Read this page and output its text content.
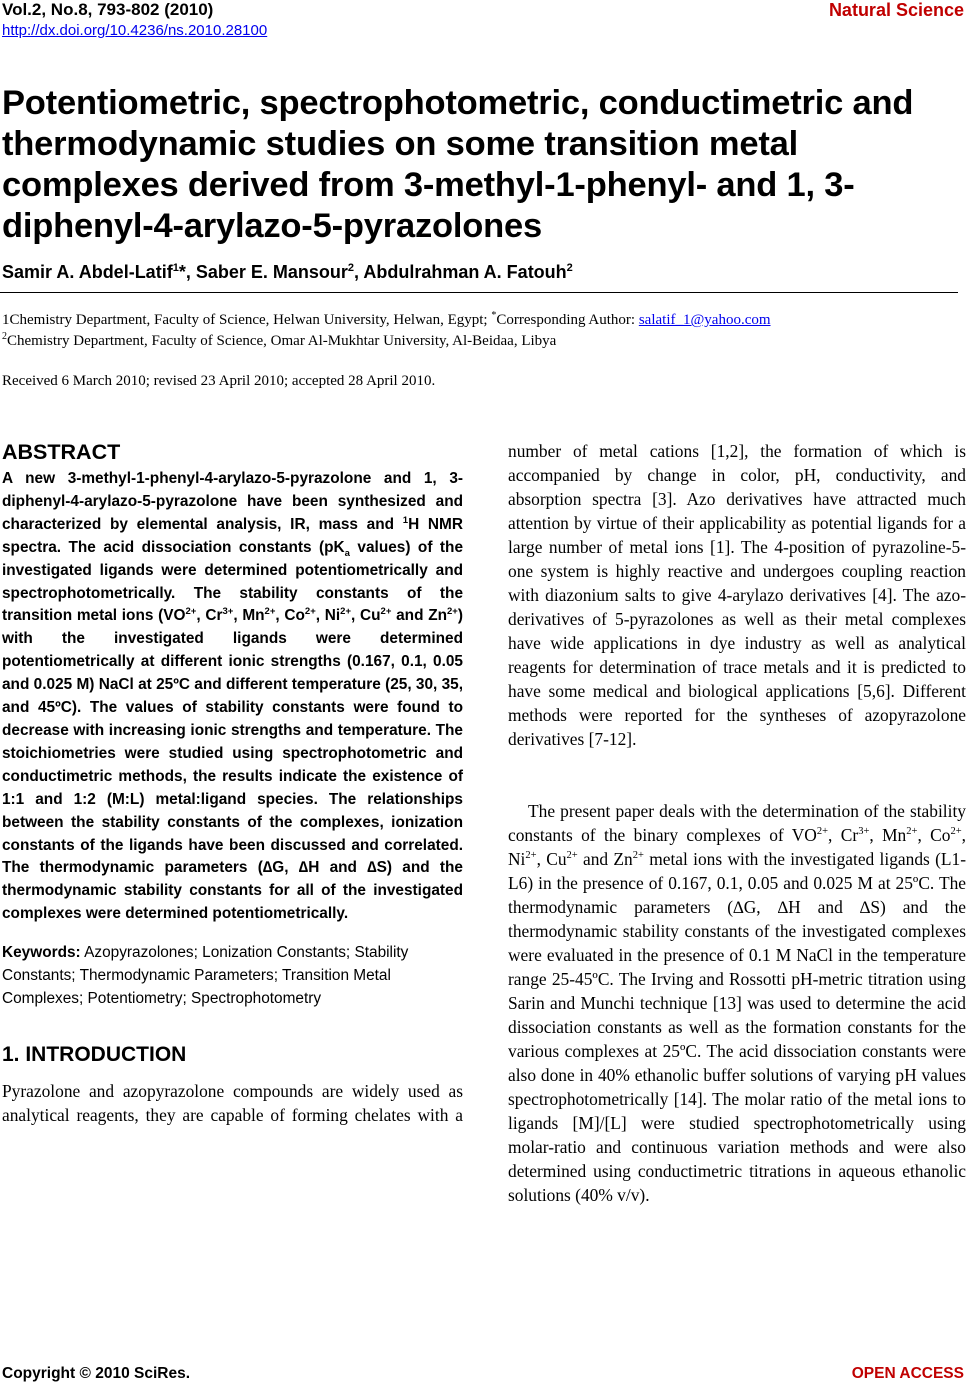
Vol.2, No.8, 793-802 (2010)
http://dx.doi.org/10.4236/ns.2010.28100
Natural Science
Potentiometric, spectrophotometric, conductimetric and thermodynamic studies on some transition metal complexes derived from 3-methyl-1-phenyl- and 1, 3-diphenyl-4-arylazo-5-pyrazolones
Samir A. Abdel-Latif$^1$*, Saber E. Mansour$^2$, Abdulrahman A. Fatouh$^2$
1Chemistry Department, Faculty of Science, Helwan University, Helwan, Egypt; *Corresponding Author: salatif_1@yahoo.com
$^2$Chemistry Department, Faculty of Science, Omar Al-Mukhtar University, Al-Beidaa, Libya
Received 6 March 2010; revised 23 April 2010; accepted 28 April 2010.
ABSTRACT

A new 3-methyl-1-phenyl-4-arylazo-5-pyrazolone and 1, 3-diphenyl-4-arylazo-5-pyrazolone have been synthesized and characterized by elemental analysis, IR, mass and $^1$H NMR spectra. The acid dissociation constants ($pK_a$ values) of the investigated ligands were determined potentiometrically and spectrophotometrically. The stability constants of the transition metal ions ($VO^{2+}$, $Cr^{3+}$, $Mn^{2+}$, $Co^{2+}$, $Ni^{2+}$, $Cu^{2+}$ and $Zn^{2+}$) with the investigated ligands were determined potentiometrically at different ionic strengths (0.167, 0.1, 0.05 and 0.025 M) NaCl at 25ºC and different temperature (25, 30, 35, and 45ºC). The values of stability constants were found to decrease with increasing ionic strengths and temperature. The stoichiometries were studied using spectrophotometric and conductimetric methods, the results indicate the existence of 1:1 and 1:2 (M:L) metal:ligand species. The relationships between the stability constants of the complexes, ionization constants of the ligands have been discussed and correlated. The thermodynamic parameters (∆G, ∆H and ∆S) and the thermodynamic stability constants for all of the investigated complexes were determined potentiometrically.

Keywords: Azopyrazolones; Lonization Constants; Stability Constants; Thermodynamic Parameters; Transition Metal Complexes; Potentiometry; Spectrophotometry

1. INTRODUCTION

Pyrazolone and azopyrazolone compounds are widely used as analytical reagents, they are capable of forming chelates with a

number of metal cations [1,2], the formation of which is accompanied by change in color, pH, conductivity, and absorption spectra [3]. Azo derivatives have attracted much attention by virtue of their applicability as potential ligands for a large number of metal ions [1]. The 4-position of pyrazoline-5-one system is highly reactive and undergoes coupling reaction with diazonium salts to give 4-arylazo derivatives [4]. The azo-derivatives of 5-pyrazolones as well as their metal complexes have wide applications in dye industry as well as analytical reagents for determination of trace metals and it is predicted to have some medical and biological applications [5,6]. Different methods were reported for the syntheses of azopyrazolone derivatives [7-12].

The present paper deals with the determination of the stability constants of the binary complexes of $VO^{2+}$, $Cr^{3+}$, $Mn^{2+}$, $Co^{2+}$, $Ni^{2+}$, $Cu^{2+}$ and $Zn^{2+}$ metal ions with the investigated ligands (L1-L6) in the presence of 0.167, 0.1, 0.05 and 0.025 M at 25ºC. The thermodynamic parameters (∆G, ∆H and ∆S) and the thermodynamic stability constants of the investigated complexes were evaluated in the presence of 0.1 M NaCl in the temperature range 25-45ºC. The Irving and Rossotti pH-metric titration using Sarin and Munchi technique [13] was used to determine the acid dissociation constants as well as the formation constants for the various complexes at 25ºC. The acid dissociation constants were also done in 40% ethanolic buffer solutions of varying pH values spectrophotometrically [14]. The molar ratio of the metal ions to ligands [M]/[L] were studied spectrophotometrically using molar-ratio and continuous variation methods and were also determined using conductimetric titrations in aqueous ethanolic solutions (40% v/v).

Copyright © 2010 SciRes.	OPEN ACCESS
